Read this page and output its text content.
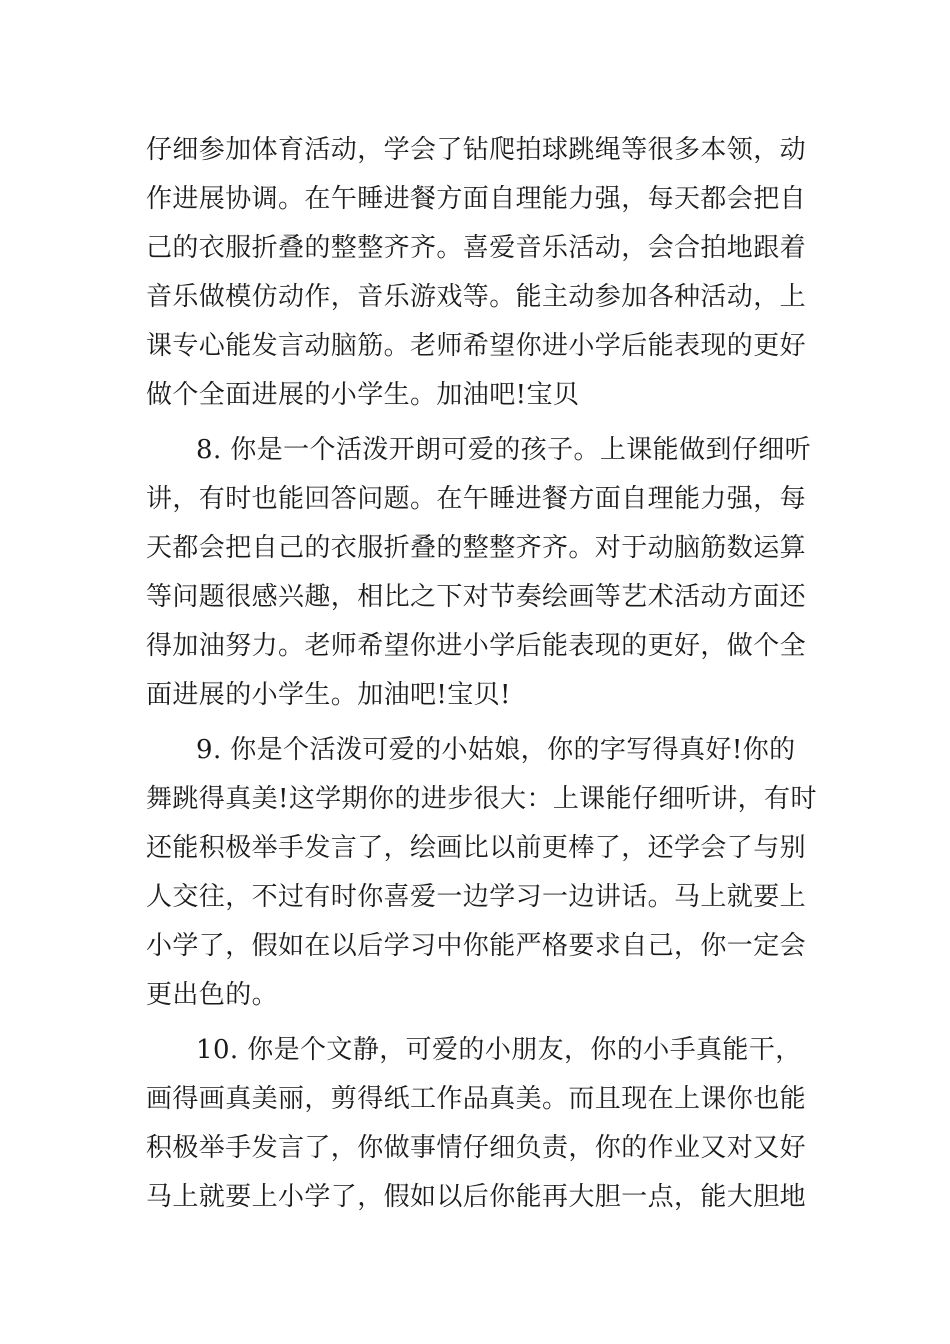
仔细参加体育活动，学会了钻爬拍球跳绳等很多本领，动
作进展协调。在午睡进餐方面自理能力强，每天都会把自
己的衣服折叠的整整齐齐。喜爱音乐活动，会合拍地跟着
音乐做模仿动作，音乐游戏等。能主动参加各种活动，上
课专心能发言动脑筋。老师希望你进小学后能表现的更好
做个全面进展的小学生。加油吧!宝贝
8. 你是一个活泼开朗可爱的孩子。上课能做到仔细听
讲，有时也能回答问题。在午睡进餐方面自理能力强，每
天都会把自己的衣服折叠的整整齐齐。对于动脑筋数运算
等问题很感兴趣，相比之下对节奏绘画等艺术活动方面还
得加油努力。老师希望你进小学后能表现的更好，做个全
面进展的小学生。加油吧!宝贝!
9. 你是个活泼可爱的小姑娘，你的字写得真好!你的
舞跳得真美!这学期你的进步很大：上课能仔细听讲，有时
还能积极举手发言了，绘画比以前更棒了，还学会了与别
人交往，不过有时你喜爱一边学习一边讲话。马上就要上
小学了，假如在以后学习中你能严格要求自己，你一定会
更出色的。
10. 你是个文静，可爱的小朋友，你的小手真能干，
画得画真美丽，剪得纸工作品真美。而且现在上课你也能
积极举手发言了，你做事情仔细负责，你的作业又对又好
马上就要上小学了，假如以后你能再大胆一点，能大胆地
